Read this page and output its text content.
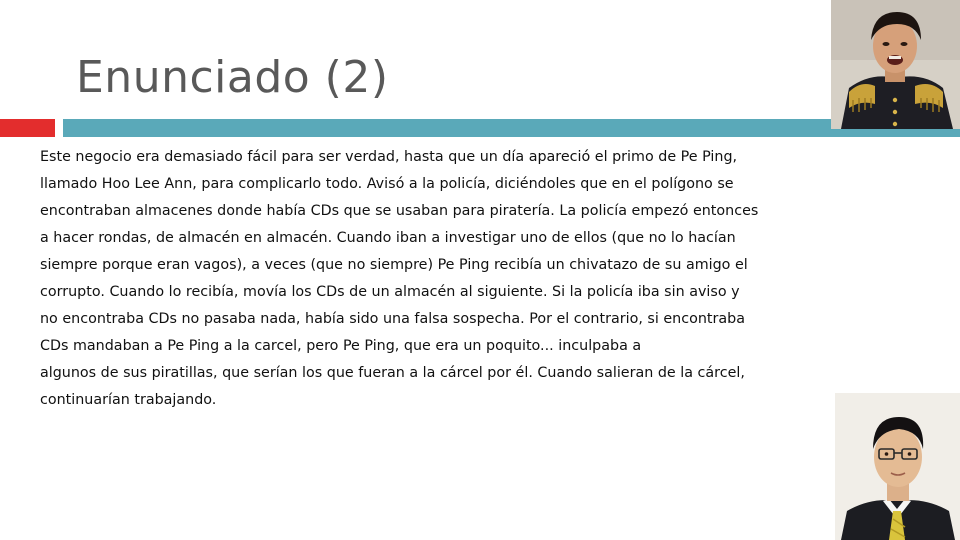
Enunciado (2)
Este negocio era demasiado fácil para ser verdad, hasta que un día apareció el primo de Pe Ping,
llamado Hoo Lee Ann, para complicarlo todo. Avisó a la policía, diciéndoles que en el polígono se
encontraban almacenes donde había CDs que se usaban para piratería. La policía empezó entonces
a hacer rondas, de almacén en almacén. Cuando iban a investigar uno de ellos (que no lo hacían
siempre porque eran vagos), a veces (que no siempre) Pe Ping recibía un chivatazo de su amigo el
corrupto. Cuando lo recibía, movía los CDs de un almacén al siguiente. Si la policía iba sin aviso y
no encontraba CDs no pasaba nada, había sido una falsa sospecha. Por el contrario, si encontraba
CDs mandaban a Pe Ping a la carcel, pero Pe Ping, que era un poquito... inculpaba a
algunos de sus piratillas, que serían los que fueran a la cárcel por él. Cuando salieran de la cárcel,
continuarían trabajando.
